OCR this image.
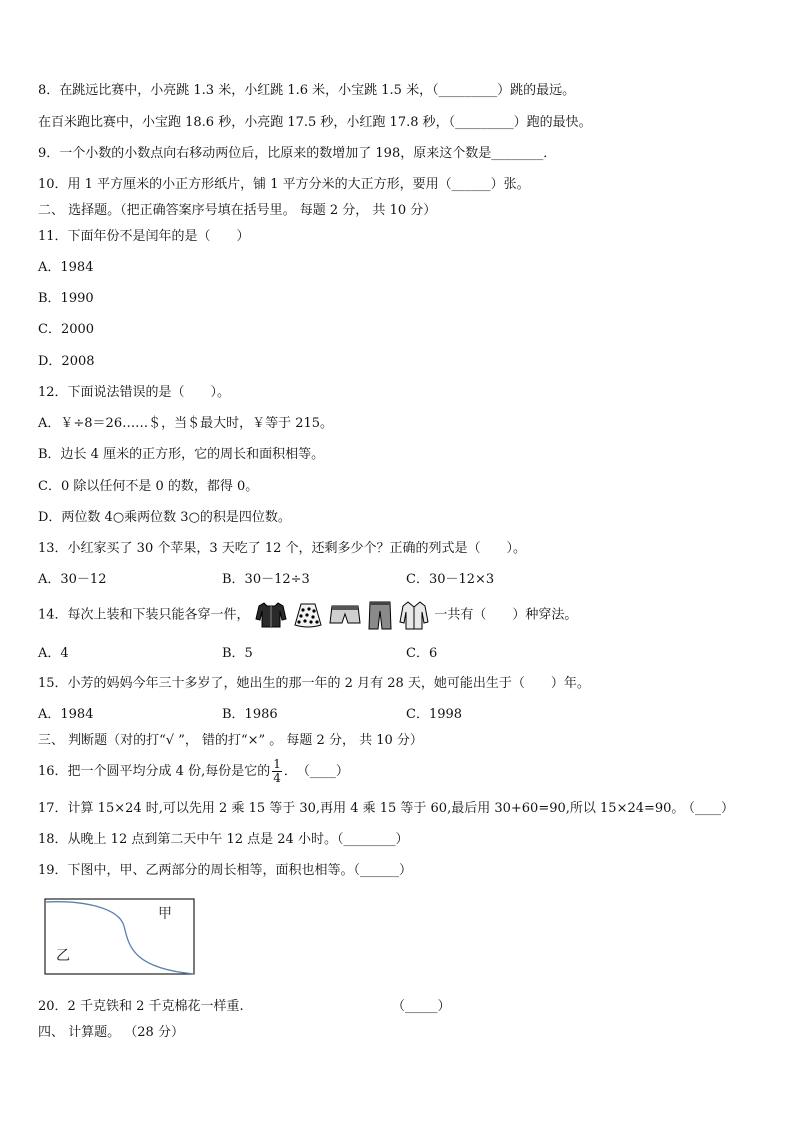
8．在跳远比赛中，小亮跳 1.3 米，小红跳 1.6 米，小宝跳 1.5 米，（_________）跳的最远。
在百米跑比赛中，小宝跑 18.6 秒，小亮跑 17.5 秒，小红跑 17.8 秒，（_________）跑的最快。
9．一个小数的小数点向右移动两位后，比原来的数增加了 198，原来这个数是________．
10．用 1 平方厘米的小正方形纸片，铺 1 平方分米的大正方形，要用（______）张。
二、 选择题。（把正确答案序号填在括号里。 每题 2 分， 共 10 分）
11．下面年份不是闰年的是（　　）
A．1984
B．1990
C．2000
D．2008
12．下面说法错误的是（　　）。
A．￥÷8＝26……＄，当＄最大时，￥等于 215。
B．边长 4 厘米的正方形，它的周长和面积相等。
C．0 除以任何不是 0 的数，都得 0。
D．两位数 4○乘两位数 3○的积是四位数。
13．小红家买了 30 个苹果，3 天吃了 12 个，还剩多少个？正确的列式是（　　）。
A．30－12	B．30－12÷3	C．30－12×3
14．每次上装和下装只能各穿一件，	一共有（　　）种穿法。
A．4	B．5	C．6
15．小芳的妈妈今年三十多岁了，她出生的那一年的 2 月有 28 天，她可能出生于（　　）年。
A．1984	B．1986	C．1998
三、 判断题（对的打“√ ”， 错的打“×” 。 每题 2 分， 共 10 分）
16．把一个圆平均分成 4 份,每份是它的 $\frac{1}{4}$ ．　（____）
17．计算 15×24 时,可以先用 2 乘 15 等于 30,再用 4 乘 15 等于 60,最后用 30+60=90,所以 15×24=90。
（____）
18．从晚上 12 点到第二天中午 12 点是 24 小时。（________）
19．下图中，甲、乙两部分的周长相等，面积也相等。（______）
甲
乙
20．2 千克铁和 2 千克棉花一样重.	（_____）
四、 计算题。 （28 分）
